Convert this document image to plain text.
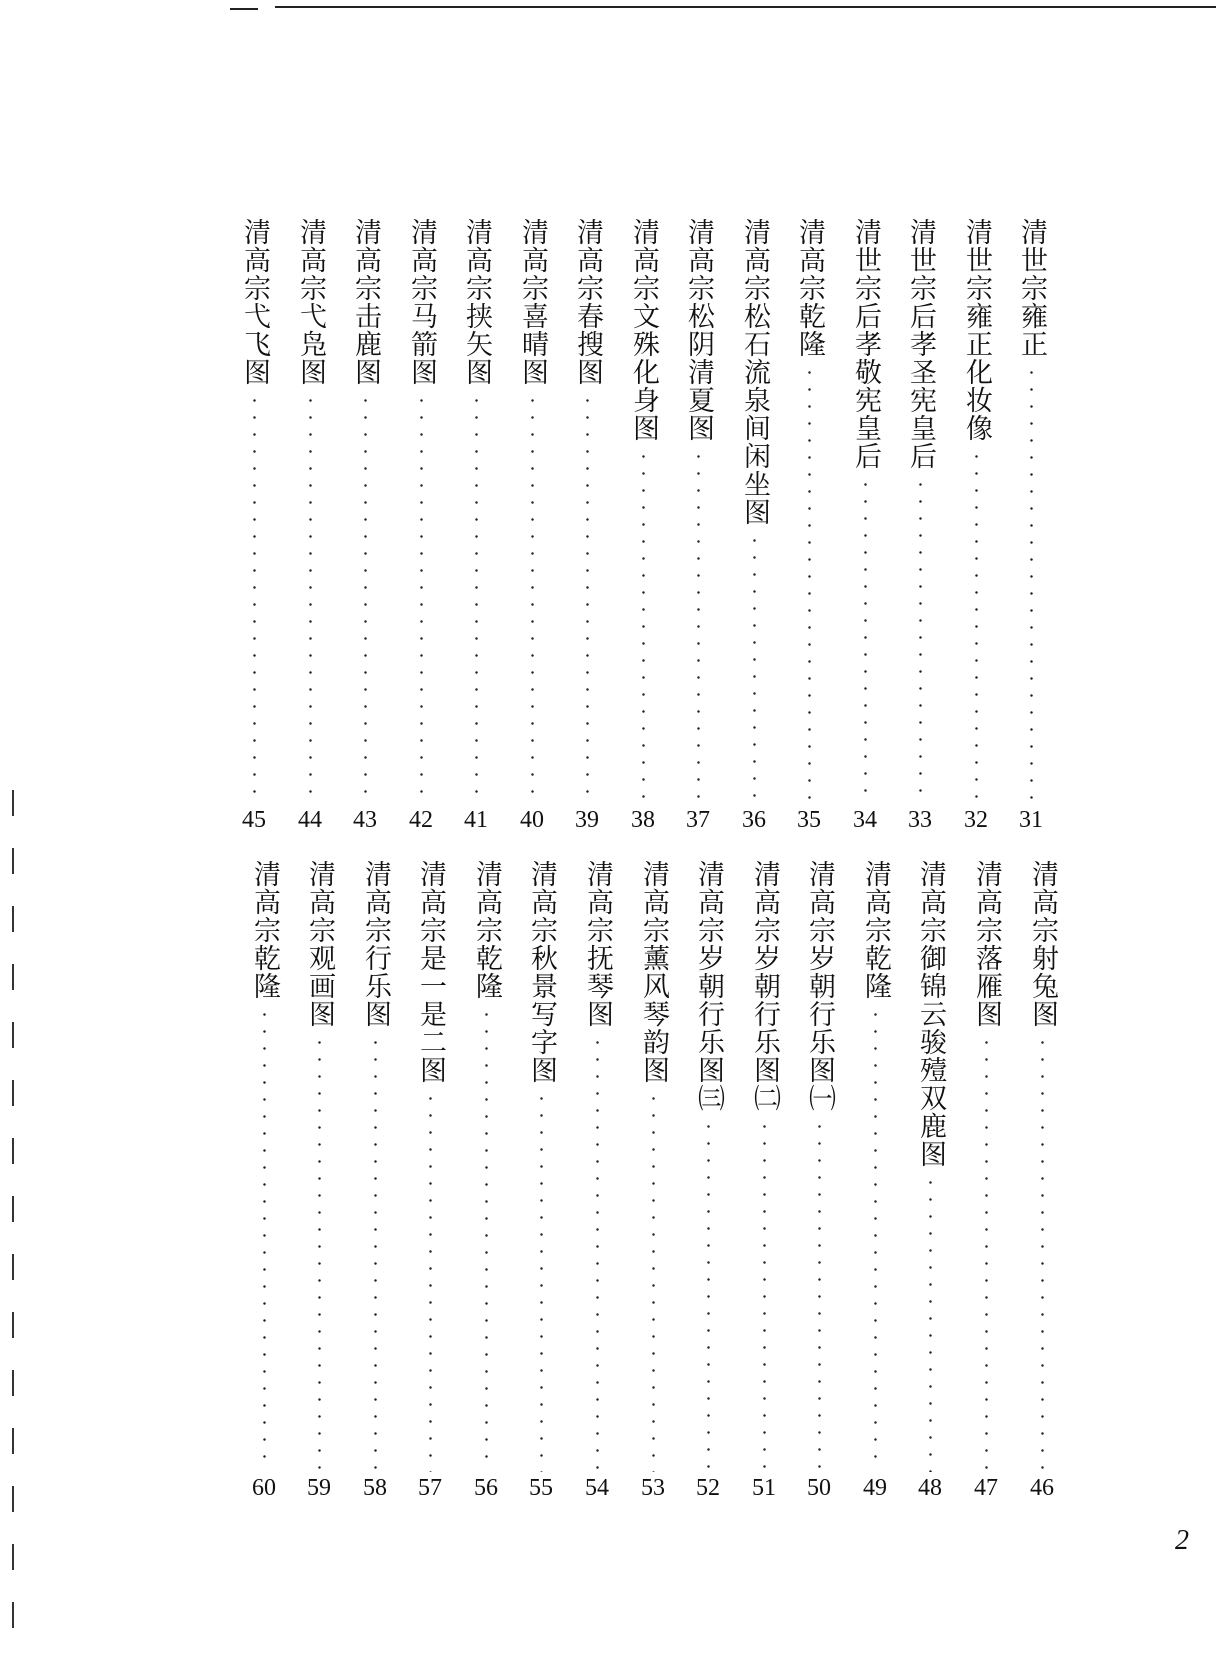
清世宗雍正
31
清世宗雍正化妆像
32
清世宗后孝圣宪皇后
33
清世宗后孝敬宪皇后
34
清高宗乾隆
35
清高宗松石流泉间闲坐图
36
清高宗松阴清夏图
37
清高宗文殊化身图
38
清高宗春搜图
39
清高宗喜晴图
40
清高宗挟矢图
41
清高宗马箭图
42
清高宗击鹿图
43
清高宗弋凫图
44
清高宗弋飞图
45
清高宗射兔图
46
清高宗落雁图
47
清高宗御锦云骏殪双鹿图
48
清高宗乾隆
49
清高宗岁朝行乐图㈠
50
清高宗岁朝行乐图㈡
51
清高宗岁朝行乐图㈢
52
清高宗薰风琴韵图
53
清高宗抚琴图
54
清高宗秋景写字图
55
清高宗乾隆
56
清高宗是一是二图
57
清高宗行乐图
58
清高宗观画图
59
清高宗乾隆
60
2
